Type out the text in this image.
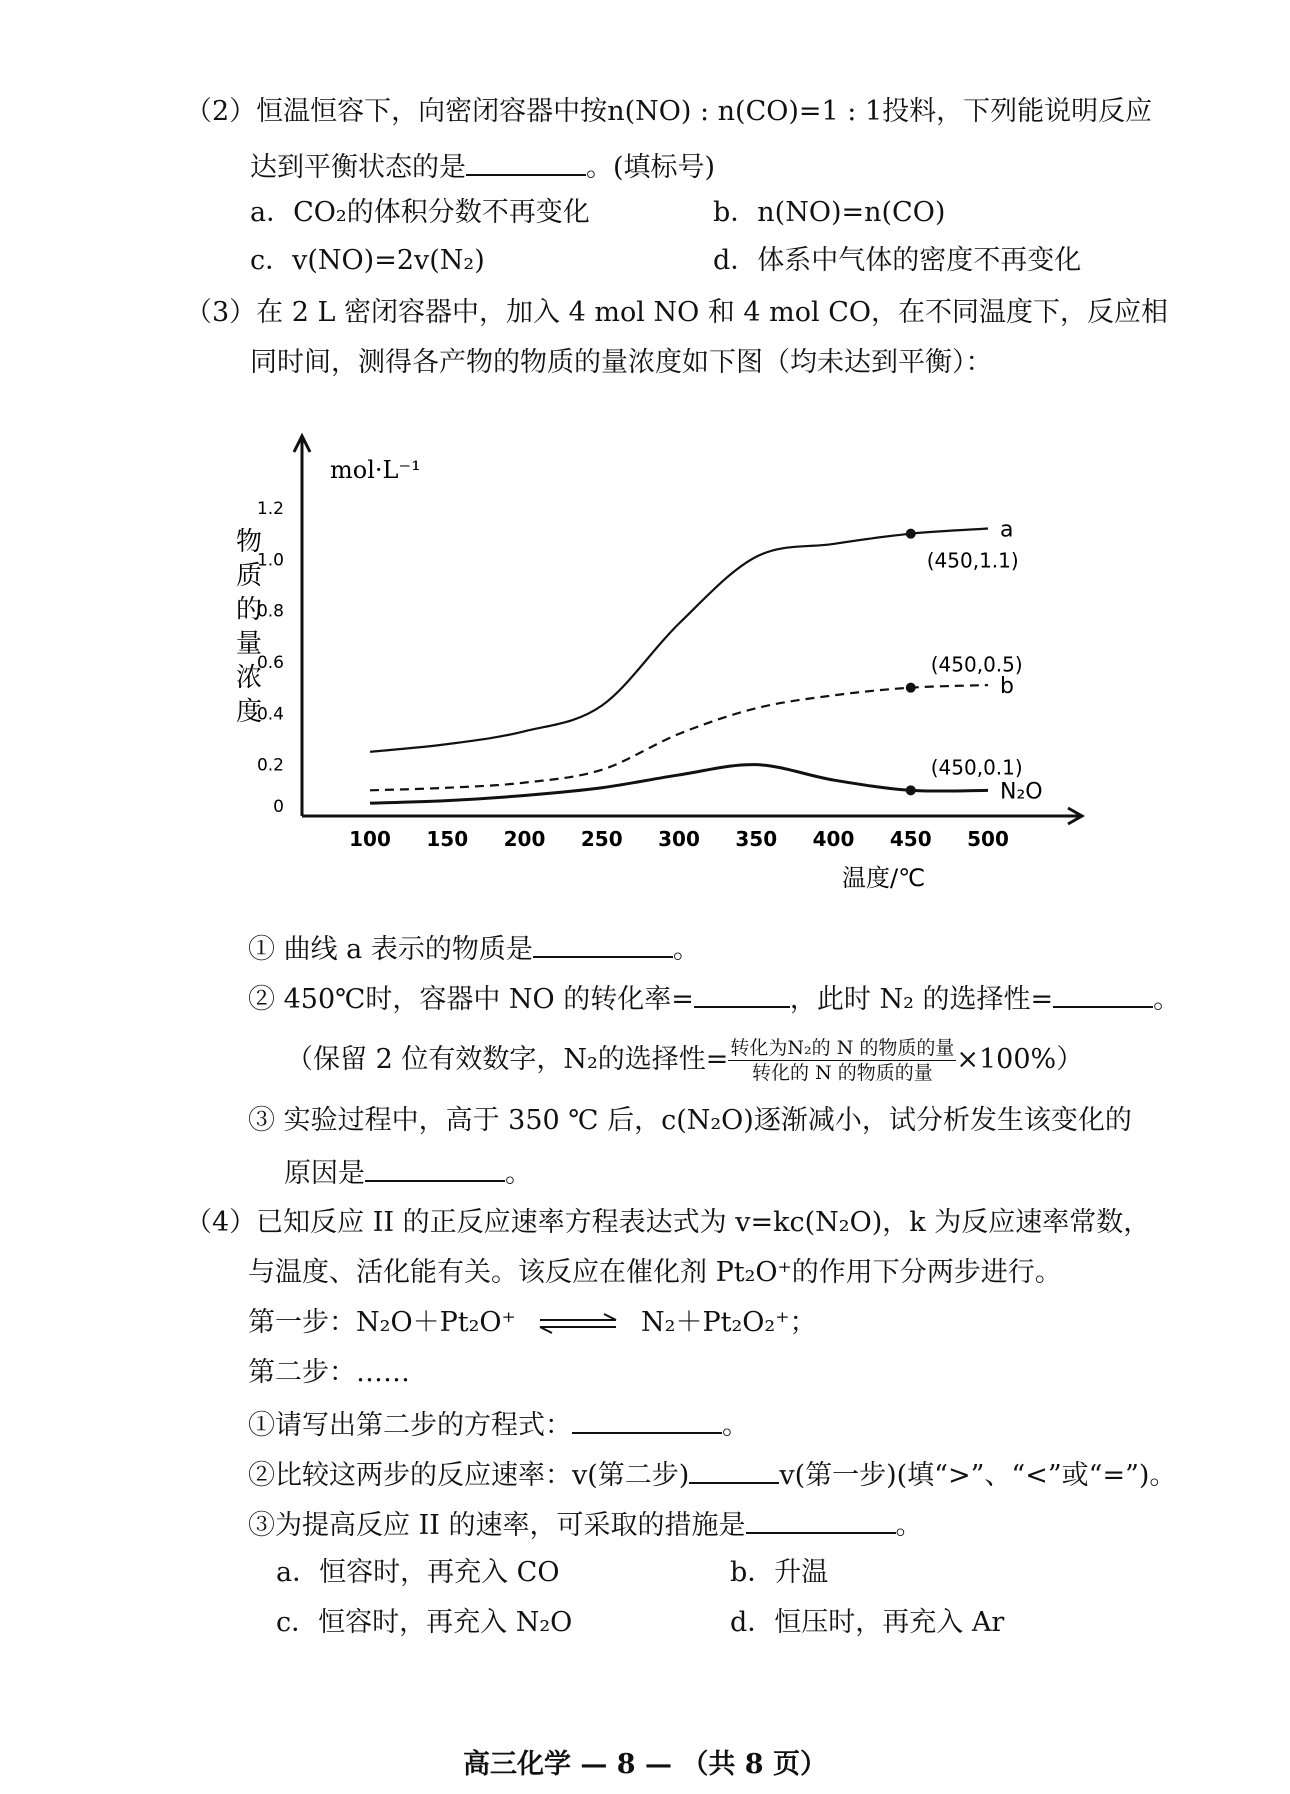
（2）恒温恒容下，向密闭容器中按n(NO) : n(CO)=1 : 1投料，下列能说明反应
达到平衡状态的是	。(填标号)
a．CO₂的体积分数不再变化	b．n(NO)=n(CO)
c．v(NO)=2v(N₂)	d．体系中气体的密度不再变化
（3）在 2 L 密闭容器中，加入 4 mol NO 和 4 mol CO，在不同温度下，反应相
同时间，测得各产物的物质的量浓度如下图（均未达到平衡）：
0
0.2
0.4
0.6
0.8
1.0
1.2
100 150 200 250 300 350 400 450 500
mol·L⁻¹
物
质
的
量
浓
度
温度/℃
a
b
N₂O
(450,1.1)
(450,0.5)
(450,0.1)
① 曲线 a 表示的物质是	。
② 450℃时，容器中 NO 的转化率=	，此时 N₂ 的选择性=	。
（保留 2 位有效数字，N₂的选择性= $\frac{\text{转化为N₂的 N 的物质的量}}{\text{转化的 N 的物质的量}} \times 100\%$）
③ 实验过程中，高于 350 ℃ 后，c(N₂O)逐渐减小，试分析发生该变化的
原因是	。
（4）已知反应 II 的正反应速率方程表达式为 v=kc(N₂O)，k 为反应速率常数，
与温度、活化能有关。该反应在催化剂 Pt₂O⁺的作用下分两步进行。
第一步：N₂O＋Pt₂O⁺ ⇌ N₂＋Pt₂O₂⁺；
第二步：……
①请写出第二步的方程式：	。
②比较这两步的反应速率：v(第二步)	v(第一步)(填“>”、“<”或“=”)。
③为提高反应 II 的速率，可采取的措施是	。
a．恒容时，再充入 CO	b．升温
c．恒容时，再充入 N₂O	d．恒压时，再充入 Ar
高三化学 — 8 — （共 8 页）
